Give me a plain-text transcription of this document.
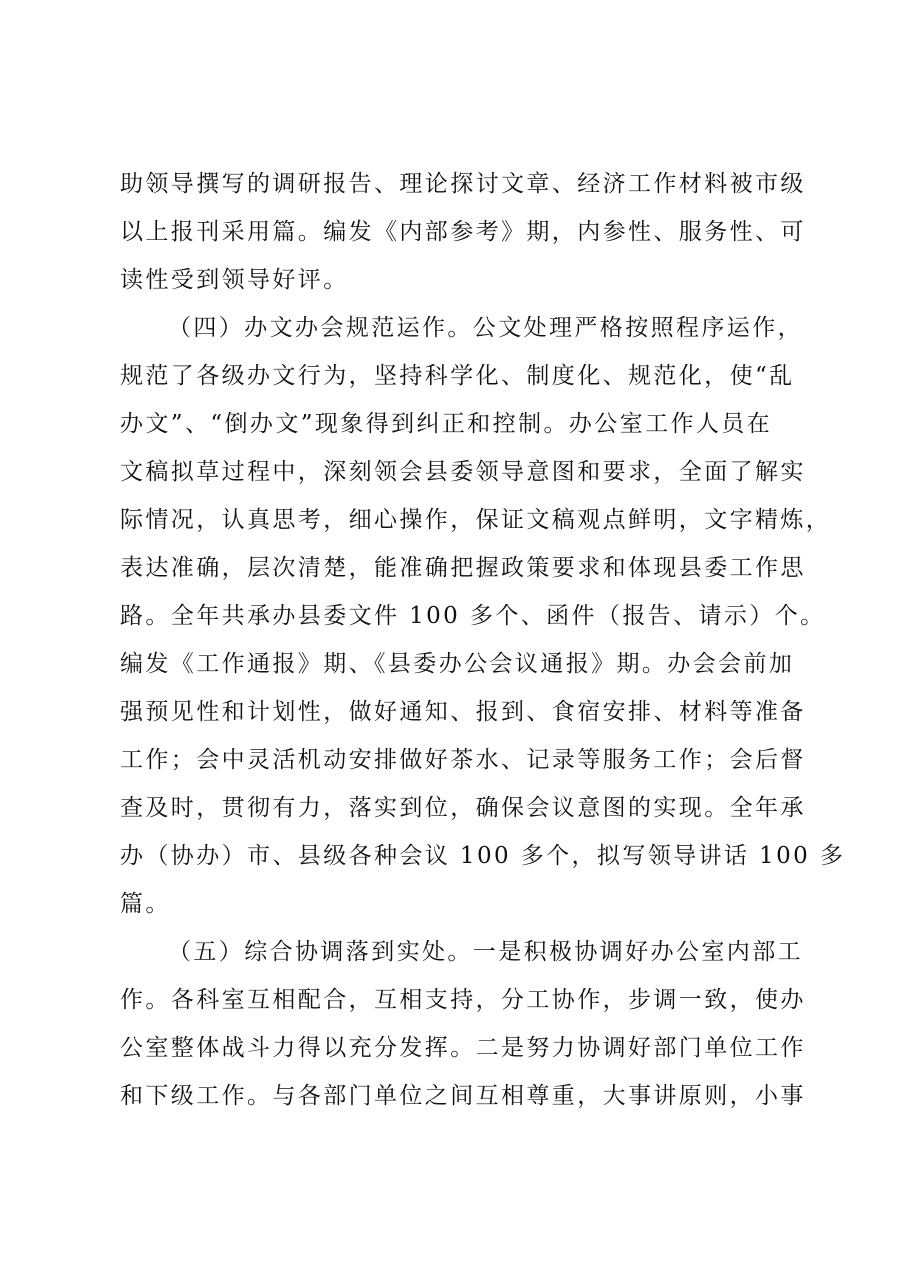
助领导撰写的调研报告、理论探讨文章、经济工作材料被市级
以上报刊采用篇。编发《内部参考》期，内参性、服务性、可
读性受到领导好评。
（四）办文办会规范运作。公文处理严格按照程序运作，
规范了各级办文行为，坚持科学化、制度化、规范化，使“乱
办文”、“倒办文”现象得到纠正和控制。办公室工作人员在
文稿拟草过程中，深刻领会县委领导意图和要求，全面了解实
际情况，认真思考，细心操作，保证文稿观点鲜明，文字精炼，
表达准确，层次清楚，能准确把握政策要求和体现县委工作思
路。全年共承办县委文件 100 多个、函件（报告、请示）个。
编发《工作通报》期、《县委办公会议通报》期。办会会前加
强预见性和计划性，做好通知、报到、食宿安排、材料等准备
工作；会中灵活机动安排做好茶水、记录等服务工作；会后督
查及时，贯彻有力，落实到位，确保会议意图的实现。全年承
办（协办）市、县级各种会议 100 多个，拟写领导讲话 100 多
篇。
（五）综合协调落到实处。一是积极协调好办公室内部工
作。各科室互相配合，互相支持，分工协作，步调一致，使办
公室整体战斗力得以充分发挥。二是努力协调好部门单位工作
和下级工作。与各部门单位之间互相尊重，大事讲原则，小事
